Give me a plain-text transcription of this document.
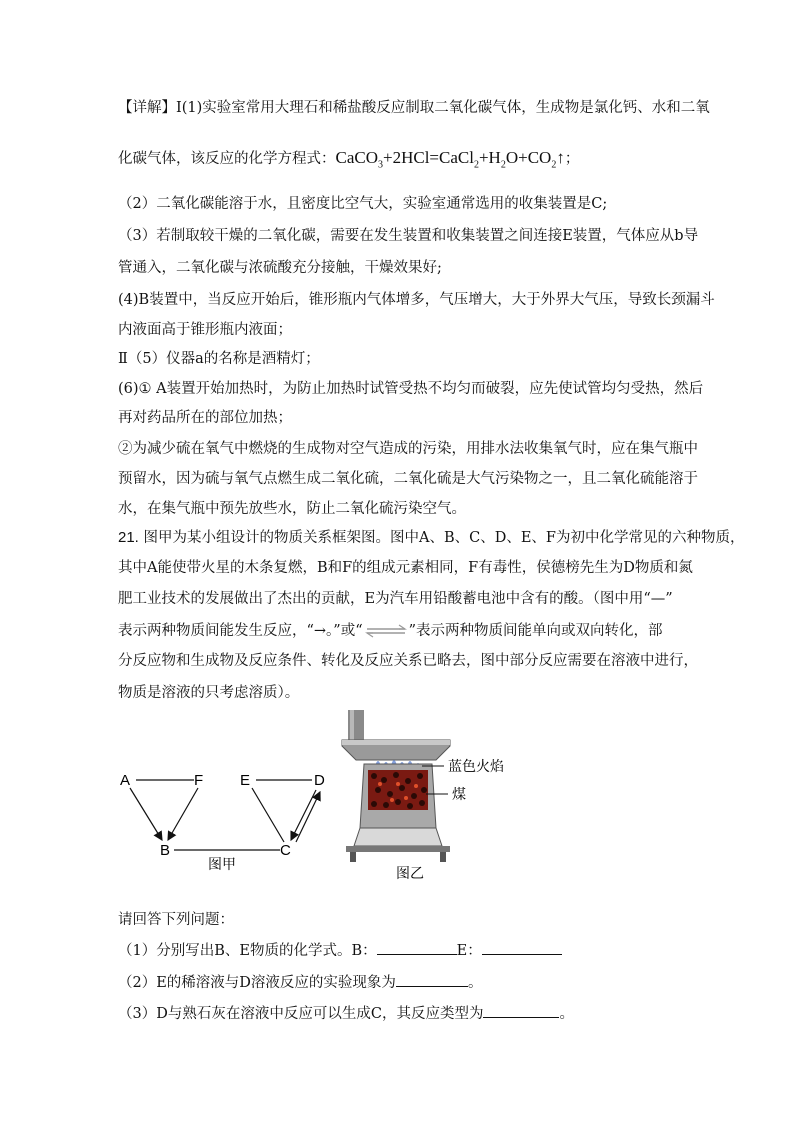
【详解】Ⅰ(1)实验室常用大理石和稀盐酸反应制取二氧化碳气体，生成物是氯化钙、水和二氧
化碳气体，该反应的化学方程式：$CaCO_3+2HCl=CaCl_2+H_2O+CO_2↑$；
（2）二氧化碳能溶于水，且密度比空气大，实验室通常选用的收集装置是C;
（3）若制取较干燥的二氧化碳，需要在发生装置和收集装置之间连接E装置，气体应从b导
管通入，二氧化碳与浓硫酸充分接触，干燥效果好;
(4)B装置中，当反应开始后，锥形瓶内气体增多，气压增大，大于外界大气压，导致长颈漏斗
内液面高于锥形瓶内液面；
Ⅱ（5）仪器a的名称是酒精灯；
(6)① A装置开始加热时，为防止加热时试管受热不均匀而破裂，应先使试管均匀受热，然后
再对药品所在的部位加热；
②为减少硫在氧气中燃烧的生成物对空气造成的污染，用排水法收集氧气时，应在集气瓶中
预留水，因为硫与氧气点燃生成二氧化硫，二氧化硫是大气污染物之一，且二氧化硫能溶于
水，在集气瓶中预先放些水，防止二氧化硫污染空气。
21. 图甲为某小组设计的物质关系框架图。图中A、B、C、D、E、F为初中化学常见的六种物质，
其中A能使带火星的木条复燃，B和F的组成元素相同，F有毒性，侯德榜先生为D物质和氮
肥工业技术的发展做出了杰出的贡献，E为汽车用铅酸蓄电池中含有的酸。（图中用“—”
表示两种物质间能发生反应，“→。”或“	”表示两种物质间能单向或双向转化，部
分反应物和生成物及反应条件、转化及反应关系已略去，图中部分反应需要在溶液中进行，
物质是溶液的只考虑溶质）。
A	F E	D
B	C
图甲
蓝色火焰
煤
图乙
请回答下列问题：
（1）分别写出B、E物质的化学式。B：	E：
（2）E的稀溶液与D溶液反应的实验现象为	。
（3）D与熟石灰在溶液中反应可以生成C，其反应类型为	。
